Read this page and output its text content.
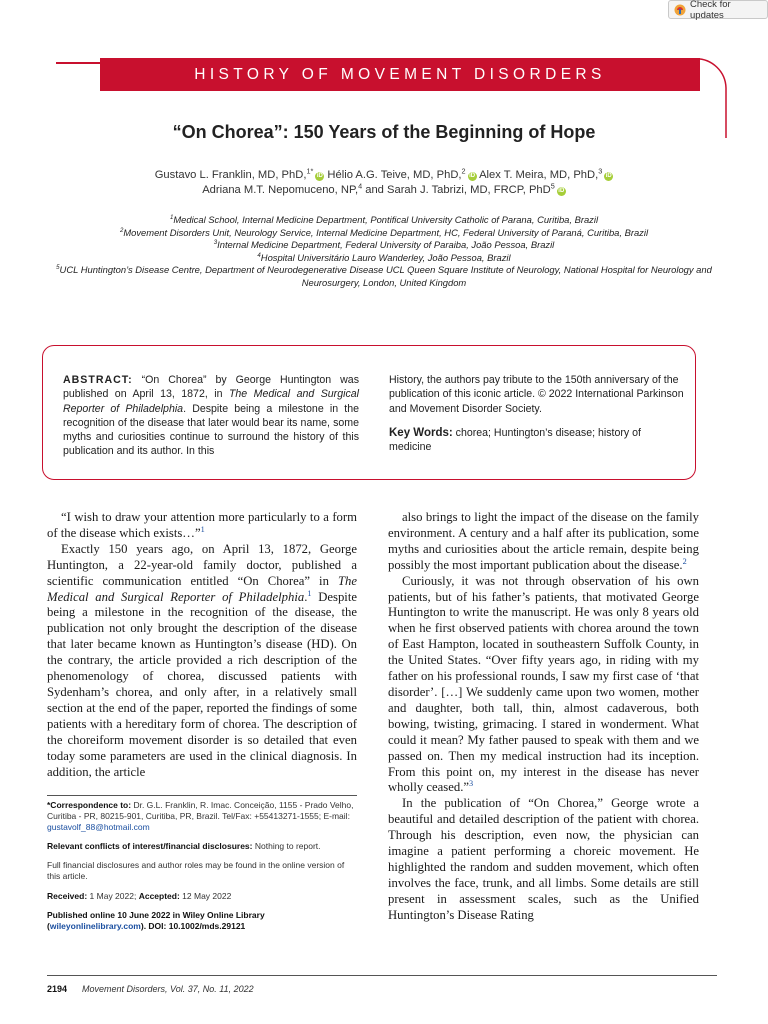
Check for updates
HISTORY OF MOVEMENT DISORDERS
“On Chorea”: 150 Years of the Beginning of Hope
Gustavo L. Franklin, MD, PhD,$^{1*}$iD Hélio A.G. Teive, MD, PhD,$^2$iD Alex T. Meira, MD, PhD,$^3$iD
Adriana M.T. Nepomuceno, NP,$^4$ and Sarah J. Tabrizi, MD, FRCP, PhD$^5$iD
$^1$Medical School, Internal Medicine Department, Pontifical University Catholic of Parana, Curitiba, Brazil
$^2$Movement Disorders Unit, Neurology Service, Internal Medicine Department, HC, Federal University of Paraná, Curitiba, Brazil
$^3$Internal Medicine Department, Federal University of Paraiba, João Pessoa, Brazil
$^4$Hospital Universitário Lauro Wanderley, João Pessoa, Brazil
$^5$UCL Huntington’s Disease Centre, Department of Neurodegenerative Disease UCL Queen Square Institute of Neurology, National Hospital for Neurology and Neurosurgery, London, United Kingdom
ABSTRACT: “On Chorea” by George Huntington was published on April 13, 1872, in The Medical and Surgical Reporter of Philadelphia. Despite being a milestone in the recognition of the disease that later would bear its name, some myths and curiosities continue to surround the history of this publication and its author. In this
History, the authors pay tribute to the 150th anniversary of the publication of this iconic article. © 2022 International Parkinson and Movement Disorder Society.
Key Words: chorea; Huntington’s disease; history of medicine

“I wish to draw your attention more particularly to a form of the disease which exists…”$^1$

Exactly 150 years ago, on April 13, 1872, George Huntington, a 22-year-old family doctor, published a scientific communication entitled “On Chorea” in The Medical and Surgical Reporter of Philadelphia.$^1$ Despite being a milestone in the recognition of the disease, the publication not only brought the description of the disease that later became known as Huntington’s disease (HD). On the contrary, the article provided a rich description of the phenomenology of chorea, discussed patients with Sydenham’s chorea, and only after, in a relatively small section at the end of the paper, reported the findings of some patients with a hereditary form of chorea. The description of the choreiform movement disorder is so detailed that even today some parameters are used in the clinical diagnosis. In addition, the article

also brings to light the impact of the disease on the family environment. A century and a half after its publication, some myths and curiosities about the article remain, despite being possibly the most important publication about the disease.$^2$

Curiously, it was not through observation of his own patients, but of his father’s patients, that motivated George Huntington to write the manuscript. He was only 8 years old when he first observed patients with chorea around the town of East Hampton, located in southeastern Suffolk County, in the United States. “Over fifty years ago, in riding with my father on his professional rounds, I saw my first case of ‘that disorder’. […] We suddenly came upon two women, mother and daughter, both tall, thin, almost cadaverous, both bowing, twisting, grimacing. I stared in wonderment. What could it mean? My father paused to speak with them and we passed on. Then my medical instruction had its inception. From this point on, my interest in the disease has never wholly ceased.”$^3$

In the publication of “On Chorea,” George wrote a beautiful and detailed description of the patient with chorea. Through his description, even now, the physician can imagine a patient performing a choreic movement. He highlighted the random and sudden movement, which often involves the face, trunk, and all limbs. Some details are still present in assessment scales, such as the Unified Huntington’s Disease Rating

*Correspondence to: Dr. G.L. Franklin, R. Imac. Conceição, 1155 - Prado Velho, Curitiba - PR, 80215-901, Curitiba, PR, Brazil. Tel/Fax: +55413271-1555; E-mail: gustavolf_88@hotmail.com

Relevant conflicts of interest/financial disclosures: Nothing to report.

Full financial disclosures and author roles may be found in the online version of this article.

Received: 1 May 2022; Accepted: 12 May 2022

Published online 10 June 2022 in Wiley Online Library
(wileyonlinelibrary.com). DOI: 10.1002/mds.29121

2194 Movement Disorders, Vol. 37, No. 11, 2022
